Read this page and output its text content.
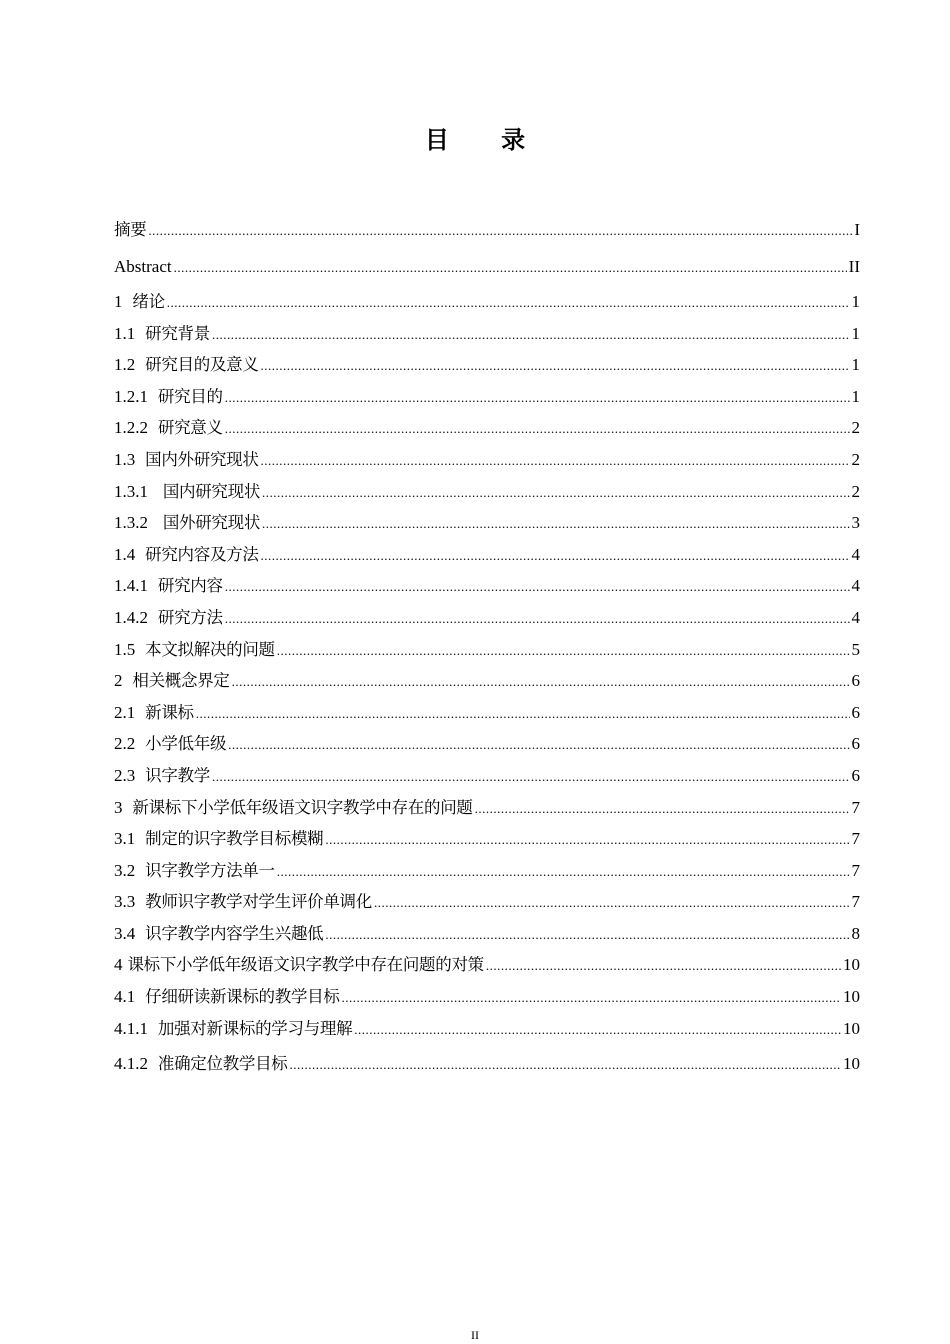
目 录
摘要 .....	I
Abstract .....	II
1 绪论 .....	1
1.1 研究背景 .....	1
1.2 研究目的及意义 .....	1
1.2.1 研究目的 .....	1
1.2.2 研究意义 .....	2
1.3 国内外研究现状 .....	2
1.3.1   国内研究现状 .....	2
1.3.2   国外研究现状 .....	3
1.4 研究内容及方法 .....	4
1.4.1 研究内容 .....	4
1.4.2 研究方法 .....	4
1.5 本文拟解决的问题 .....	5
2 相关概念界定 .....	6
2.1 新课标 .....	6
2.2 小学低年级 .....	6
2.3 识字教学 .....	6
3 新课标下小学低年级语文识字教学中存在的问题 .....	7
3.1 制定的识字教学目标模糊 .....	7
3.2 识字教学方法单一 .....	7
3.3 教师识字教学对学生评价单调化 .....	7
3.4 识字教学内容学生兴趣低 .....	8
4 课标下小学低年级语文识字教学中存在问题的对策 .....	10
4.1 仔细研读新课标的教学目标 .....	10
4.1.1 加强对新课标的学习与理解 .....	10
4.1.2 准确定位教学目标 .....	10
II
